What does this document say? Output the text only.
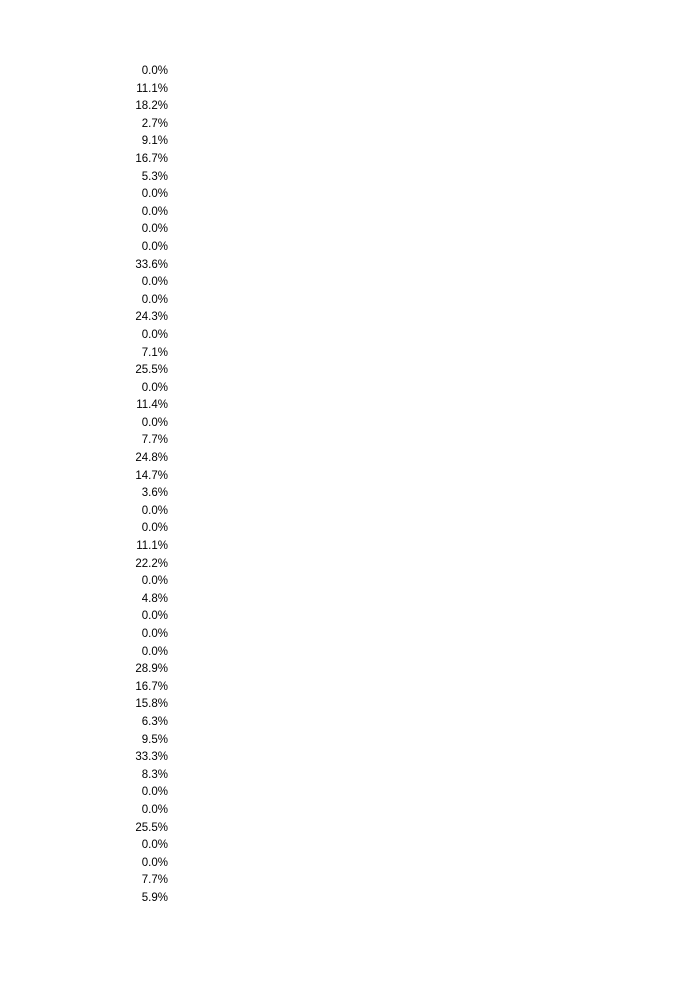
0.0%
11.1%
18.2%
2.7%
9.1%
16.7%
5.3%
0.0%
0.0%
0.0%
0.0%
33.6%
0.0%
0.0%
24.3%
0.0%
7.1%
25.5%
0.0%
11.4%
0.0%
7.7%
24.8%
14.7%
3.6%
0.0%
0.0%
11.1%
22.2%
0.0%
4.8%
0.0%
0.0%
0.0%
28.9%
16.7%
15.8%
6.3%
9.5%
33.3%
8.3%
0.0%
0.0%
25.5%
0.0%
0.0%
7.7%
5.9%
